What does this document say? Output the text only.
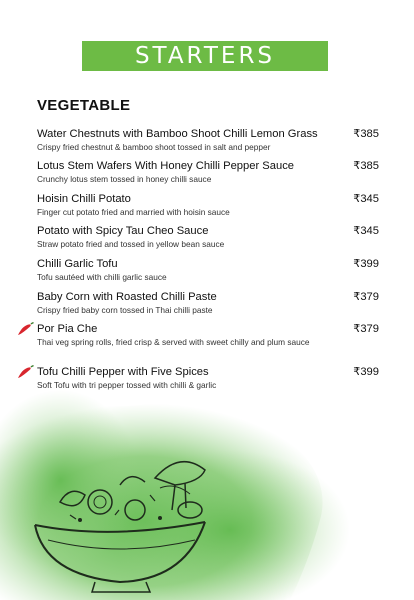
STARTERS
VEGETABLE
Water Chestnuts with Bamboo Shoot Chilli Lemon Grass
Crispy fried chestnut & bamboo shoot tossed in salt and pepper
₹385
Lotus Stem Wafers With Honey Chilli Pepper Sauce
Crunchy lotus stem tossed in honey chilli sauce
₹385
Hoisin Chilli Potato
Finger cut potato fried and married with hoisin sauce
₹345
Potato with Spicy Tau Cheo Sauce
Straw potato fried and tossed in yellow bean sauce
₹345
Chilli Garlic Tofu
Tofu sautéed with chilli garlic sauce
₹399
Baby Corn with Roasted Chilli Paste
Crispy fried baby corn tossed in Thai chilli paste
₹379
Por Pia Che
Thai veg spring rolls, fried crisp & served with sweet chilly and plum sauce
₹379
Tofu Chilli Pepper with Five Spices
Soft Tofu with tri pepper tossed with chilli & garlic
₹399
